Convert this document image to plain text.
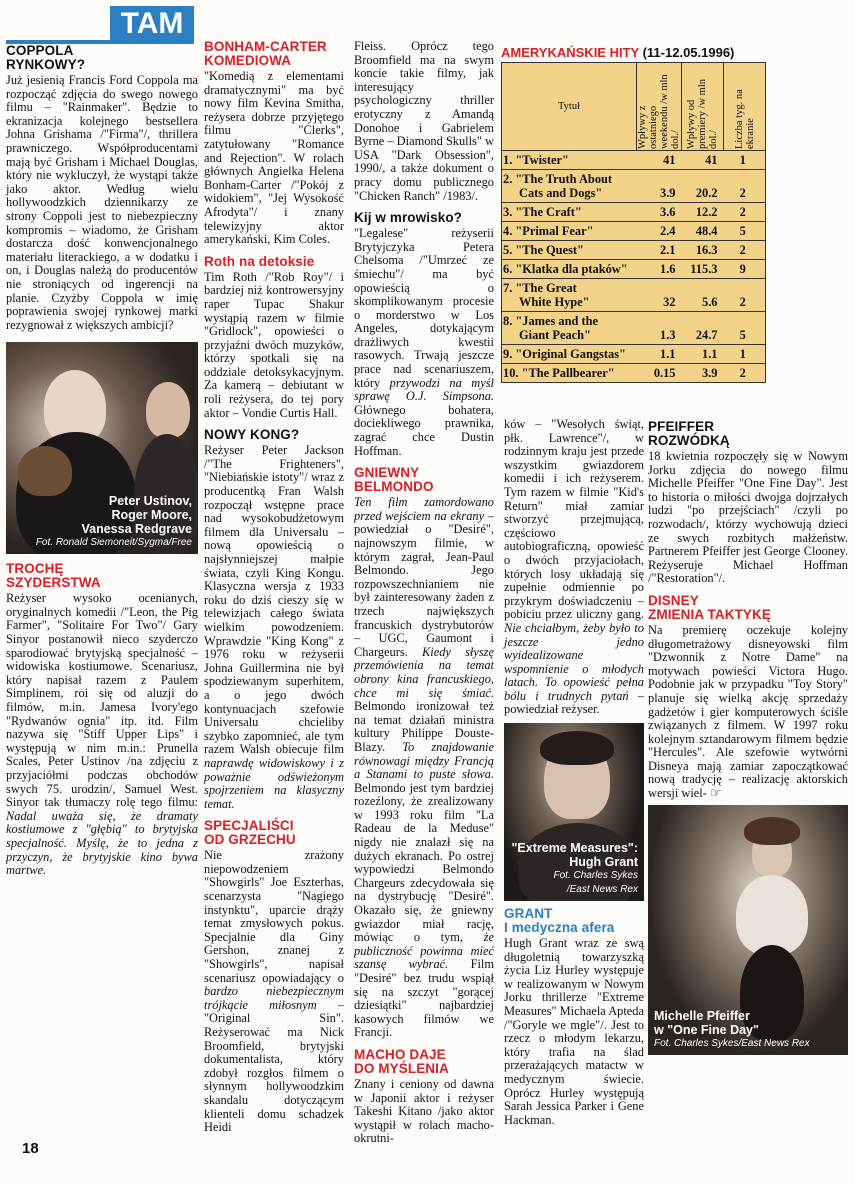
TAM
COPPOLA
RYNKOWY?

Już jesienią Francis Ford Coppola ma rozpocząć zdjęcia do swego nowego filmu – "Rainmaker". Będzie to ekranizacja kolejnego bestsellera Johna Grishama /"Firma"/, thrillera prawniczego. Współproducentami mają być Grisham i Michael Douglas, który nie wykluczył, że wystąpi także jako aktor. Według wielu hollywoodzkich dziennikarzy ze strony Coppoli jest to niebezpieczny kompromis – wiadomo, że Grisham dostarcza dość konwencjonalnego materiału literackiego, a w dodatku i on, i Douglas należą do producentów nie stroniących od ingerencji na planie. Czyżby Coppola w imię poprawienia swojej rynkowej marki rezygnował z większych ambicji?

Peter Ustinov,
Roger Moore,
Vanessa Redgrave
Fot. Ronald Siemoneit/Sygma/Free
TROCHĘ
SZYDERSTWA

Reżyser wysoko ocenianych, oryginalnych komedii /"Leon, the Pig Farmer", "Solitaire For Two"/ Gary Sinyor postanowił nieco szyderczo sparodiować brytyjską specjalność – widowiska kostiumowe. Scenariusz, który napisał razem z Paulem Simplinem, roi się od aluzji do filmów, m.in. Jamesa Ivory'ego "Rydwanów ognia" itp. itd. Film nazywa się "Stiff Upper Lips" i występują w nim m.in.: Prunella Scales, Peter Ustinov /na zdjęciu z przyjaciółmi podczas obchodów swych 75. urodzin/, Samuel West. Sinyor tak tłumaczy rolę tego filmu: Nadal uważa się, że dramaty kostiumowe z "głębią" to brytyjska specjalność. Myślę, że to jedna z przyczyn, że brytyjskie kino bywa martwe.

BONHAM-CARTER
KOMEDIOWA

"Komedią z elementami dramatycznymi" ma być nowy film Kevina Smitha, reżysera dobrze przyjętego filmu "Clerks", zatytułowany "Romance and Rejection". W rolach głównych Angielka Helena Bonham-Carter /"Pokój z widokiem", "Jej Wysokość Afrodyta"/ i znany telewizyjny aktor amerykański, Kim Coles.

Roth na detoksie

Tim Roth /"Rob Roy"/ i bardziej niż kontrowersyjny raper Tupac Shakur wystąpią razem w filmie "Gridlock", opowieści o przyjaźni dwóch muzyków, którzy spotkali się na oddziale detoksykacyjnym. Za kamerą – debiutant w roli reżysera, do tej pory aktor – Vondie Curtis Hall.

NOWY KONG?

Reżyser Peter Jackson /"The Frighteners", "Niebiańskie istoty"/ wraz z producentką Fran Walsh rozpoczął wstępne prace nad wysokobudżetowym filmem dla Universalu – nową opowieścią o najsłynniejszej małpie świata, czyli King Kongu. Klasyczna wersja z 1933 roku do dziś cieszy się w telewizjach całego świata wielkim powodzeniem. Wprawdzie "King Kong" z 1976 roku w reżyserii Johna Guillermina nie był spodziewanym superhitem, a o jego dwóch kontynuacjach szefowie Universalu chcieliby szybko zapomnieć, ale tym razem Walsh obiecuje film naprawdę widowiskowy i z poważnie odświeżonym spojrzeniem na klasyczny temat.

SPECJALIŚCI
OD GRZECHU

Nie zrażony niepowodzeniem "Showgirls" Joe Eszterhas, scenarzysta "Nagiego instynktu", uparcie drąży temat zmysłowych pokus. Specjalnie dla Giny Gershon, znanej z "Showgirls", napisał scenariusz opowiadający o bardzo niebezpiecznym trójkącie miłosnym – "Original Sin". Reżyserować ma Nick Broomfield, brytyjski dokumentalista, który zdobył rozgłos filmem o słynnym hollywoodzkim skandalu dotyczącym klienteli domu schadzek Heidi

Fleiss. Oprócz tego Broomfield ma na swym koncie takie filmy, jak interesujący psychologiczny thriller erotyczny z Amandą Donohoe i Gabrielem Byrne – Diamond Skulls" w USA "Dark Obsession", 1990/, a także dokument o pracy domu publicznego "Chicken Ranch" /1983/.

Kij w mrowisko?

"Legalese" reżyserii Brytyjczyka Petera Chelsoma /"Umrzeć ze śmiechu"/ ma być opowieścią o skomplikowanym procesie o morderstwo w Los Angeles, dotykającym drażliwych kwestii rasowych. Trwają jeszcze prace nad scenariuszem, który przywodzi na myśl sprawę O.J. Simpsona. Głównego bohatera, dociekliwego prawnika, zagrać chce Dustin Hoffman.

GNIEWNY
BELMONDO

Ten film zamordowano przed wejściem na ekrany – powiedział o "Desiré", najnowszym filmie, w którym zagrał, Jean-Paul Belmondo. Jego rozpowszechnianiem nie był zainteresowany żaden z trzech największych francuskich dystrybutorów – UGC, Gaumont i Chargeurs. Kiedy słyszę przemówienia na temat obrony kina francuskiego, chce mi się śmiać. Belmondo ironizował też na temat działań ministra kultury Philippe Douste-Blazy. To znajdowanie równowagi między Francją a Stanami to puste słowa. Belmondo jest tym bardziej rozeźlony, że zrealizowany w 1993 roku film "La Radeau de la Meduse" nigdy nie znalazł się na dużych ekranach. Po ostrej wypowiedzi Belmondo Chargeurs zdecydowała się na dystrybucję "Desiré". Okazało się, że gniewny gwiazdor miał rację, mówiąc o tym, że publiczność powinna mieć szansę wybrać. Film "Desiré" bez trudu wspiął się na szczyt "gorącej dziesiątki" najbardziej kasowych filmów we Francji.

MACHO DAJE
DO MYŚLENIA

Znany i ceniony od dawna w Japonii aktor i reżyser Takeshi Kitano /jako aktor wystąpił w rolach macho-okrutni-

AMERYKAŃSKIE HITY (11-12.05.1996)
Tytuł	Wpływy z ostatniego weekendu /w mln dol./	Wpływy od premiery /w mln dol./	Liczba tyg. na ekranie

1. "Twister"	41	41	1

2. "The Truth About
Cats and Dogs"	3.9	20.2	2

3. "The Craft"	3.6	12.2	2

4. "Primal Fear"	2.4	48.4	5

5. "The Quest"	2.1	16.3	2

6. "Klatka dla ptaków"	1.6	115.3	9

7. "The Great
White Hype"	32	5.6	2

8. "James and the
Giant Peach"	1.3	24.7	5

9. "Original Gangstas"	1.1	1.1	1

10. "The Pallbearer"	0.15	3.9	2

ków – "Wesołych świąt, płk. Lawrence"/, w rodzinnym kraju jest przede wszystkim gwiazdorem komedii i ich reżyserem. Tym razem w filmie "Kid's Return" miał zamiar stworzyć przejmującą, częściowo autobiograficzną, opowieść o dwóch przyjaciołach, których losy układają się zupełnie odmiennie po przykrym doświadczeniu – pobiciu przez uliczny gang. Nie chciałbym, żeby było to jeszcze jedno wyidealizowane wspomnienie o młodych latach. To opowieść pełna bólu i trudnych pytań – powiedział reżyser.

"Extreme Measures":
Hugh Grant
Fot. Charles Sykes
/East News Rex
GRANT
I medyczna afera

Hugh Grant wraz ze swą długoletnią towarzyszką życia Liz Hurley występuje w realizowanym w Nowym Jorku thrillerze "Extreme Measures" Michaela Apteda /"Goryle we mgle"/. Jest to rzecz o młodym lekarzu, który trafia na ślad przerażających matactw w medycznym świecie. Oprócz Hurley występują Sarah Jessica Parker i Gene Hackman.

PFEIFFER
ROZWÓDKĄ

18 kwietnia rozpoczęły się w Nowym Jorku zdjęcia do nowego filmu Michelle Pfeiffer "One Fine Day". Jest to historia o miłości dwojga dojrzałych ludzi "po przejściach" /czyli po rozwodach/, którzy wychowują dzieci ze swych rozbitych małżeństw. Partnerem Pfeiffer jest George Clooney. Reżyseruje Michael Hoffman /"Restoration"/.

DISNEY
ZMIENIA TAKTYKĘ

Na premierę oczekuje kolejny długometrażowy disneyowski film "Dzwonnik z Notre Dame" na motywach powieści Victora Hugo. Podobnie jak w przypadku "Toy Story" planuje się wielką akcję sprzedaży gadżetów i gier komputerowych ściśle związanych z filmem. W 1997 roku kolejnym sztandarowym filmem będzie "Hercules". Ale szefowie wytwórni Disneya mają zamiar zapoczątkować nową tradycję – realizację aktorskich wersji wiel- ☞

Michelle Pfeiffer
w "One Fine Day"
Fot. Charles Sykes/East News Rex
18
